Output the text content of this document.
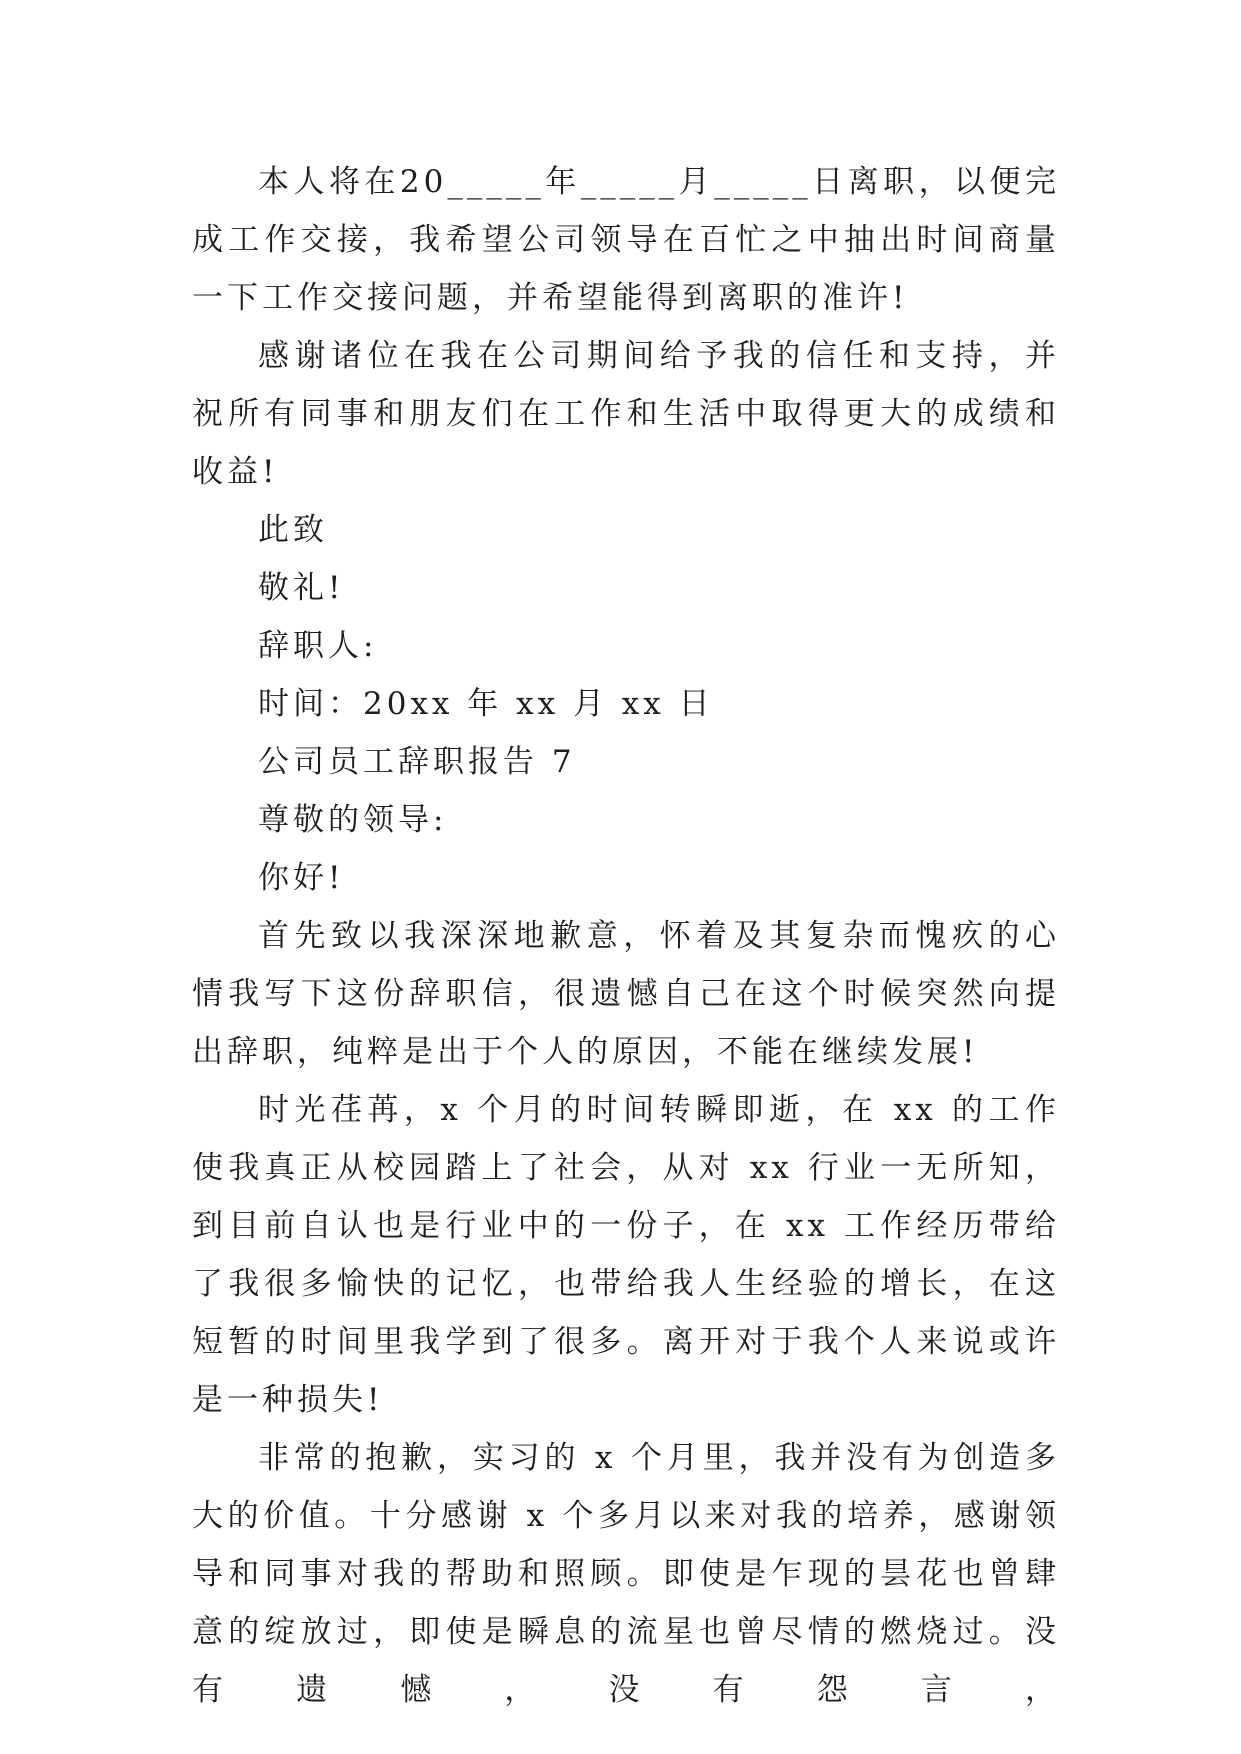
本人将在20_____年_____月_____日离职，以便完成工作交接，我希望公司领导在百忙之中抽出时间商量一下工作交接问题，并希望能得到离职的准许!

感谢诸位在我在公司期间给予我的信任和支持，并祝所有同事和朋友们在工作和生活中取得更大的成绩和收益!

此致

敬礼!

辞职人:

时间：20xx 年 xx 月 xx 日

公司员工辞职报告 7

尊敬的领导:

你好!

首先致以我深深地歉意，怀着及其复杂而愧疚的心情我写下这份辞职信，很遗憾自己在这个时候突然向提出辞职，纯粹是出于个人的原因，不能在继续发展!

时光荏苒，x 个月的时间转瞬即逝，在 xx 的工作使我真正从校园踏上了社会，从对 xx 行业一无所知，到目前自认也是行业中的一份子，在 xx 工作经历带给了我很多愉快的记忆，也带给我人生经验的增长，在这短暂的时间里我学到了很多。离开对于我个人来说或许是一种损失!

非常的抱歉，实习的 x 个月里，我并没有为创造多大的价值。十分感谢 x 个多月以来对我的培养，感谢领导和同事对我的帮助和照顾。即使是乍现的昙花也曾肆意的绽放过，即使是瞬息的流星也曾尽情的燃烧过。没有遗憾，没有怨言，
